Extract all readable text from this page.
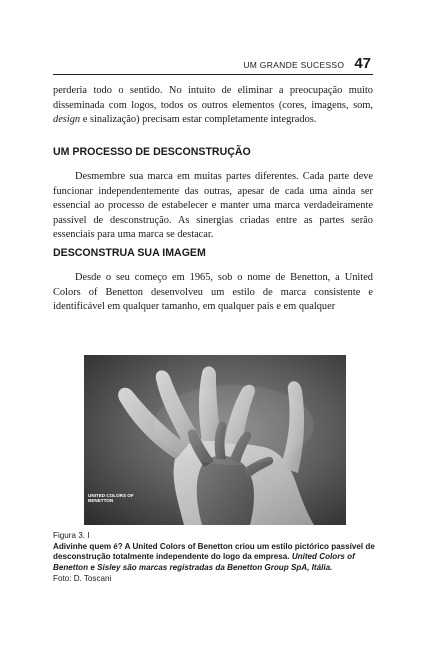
UM GRANDE SUCESSO 47

perderia todo o sentido. No intuito de eliminar a preocupação muito disseminada com logos, todos os outros elementos (cores, imagens, som, design e sinalização) precisam estar completamente integrados.

UM PROCESSO DE DESCONSTRUÇÃO

Desmembre sua marca em muitas partes diferentes. Cada parte deve funcionar independentemente das outras, apesar de cada uma ainda ser essencial ao processo de estabelecer e manter uma marca verdadeiramente passível de desconstrução. As sinergias criadas entre as partes serão essenciais para uma marca se destacar.

DESCONSTRUA SUA IMAGEM

Desde o seu começo em 1965, sob o nome de Benetton, a United Colors of Benetton desenvolveu um estilo de marca consistente e identificável em qualquer tamanho, em qualquer país e em qualquer

UNITED COLORS OF BENETTON

Figura 3. I
Adivinhe quem é? A United Colors of Benetton criou um estilo pictórico passível de desconstrução totalmente independente do logo da empresa. United Colors of Benetton e Sisley são marcas registradas da Benetton Group SpA, Itália.
Foto: D. Toscani
